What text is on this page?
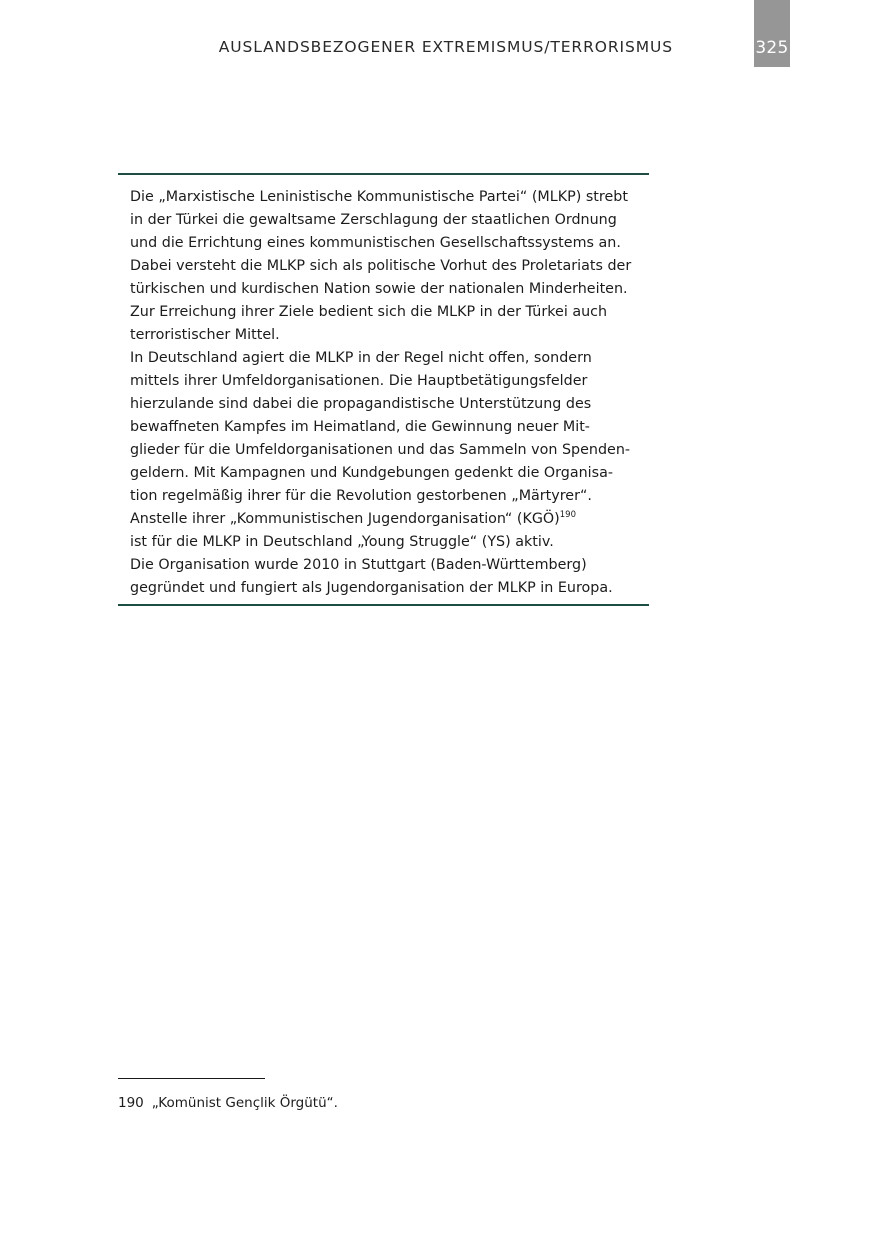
AUSLANDSBEZOGENER EXTREMISMUS/TERRORISMUS	325

Die „Marxistische Leninistische Kommunistische Partei“ (MLKP) strebt
in der Türkei die gewaltsame Zerschlagung der staatlichen Ordnung
und die Errichtung eines kommunistischen Gesellschaftssystems an.
Dabei versteht die MLKP sich als politische Vorhut des Proletariats der
türkischen und kurdischen Nation sowie der nationalen Minderheiten.
Zur Erreichung ihrer Ziele bedient sich die MLKP in der Türkei auch
terroristischer Mittel.
In Deutschland agiert die MLKP in der Regel nicht offen, sondern
mittels ihrer Umfeldorganisationen. Die Hauptbetätigungsfelder
hierzulande sind dabei die propagandistische Unterstützung des
bewaffneten Kampfes im Heimatland, die Gewinnung neuer Mit-
glieder für die Umfeldorganisationen und das Sammeln von Spenden-
geldern. Mit Kampagnen und Kundgebungen gedenkt die Organisa-
tion regelmäßig ihrer für die Revolution gestorbenen „Märtyrer“.
Anstelle ihrer „Kommunistischen Jugendorganisation“ (KGÖ)$^{190}$
ist für die MLKP in Deutschland „Young Struggle“ (YS) aktiv.
Die Organisation wurde 2010 in Stuttgart (Baden-Württemberg)
gegründet und fungiert als Jugendorganisation der MLKP in Europa.

190 „Komünist Gençlik Örgütü“.
